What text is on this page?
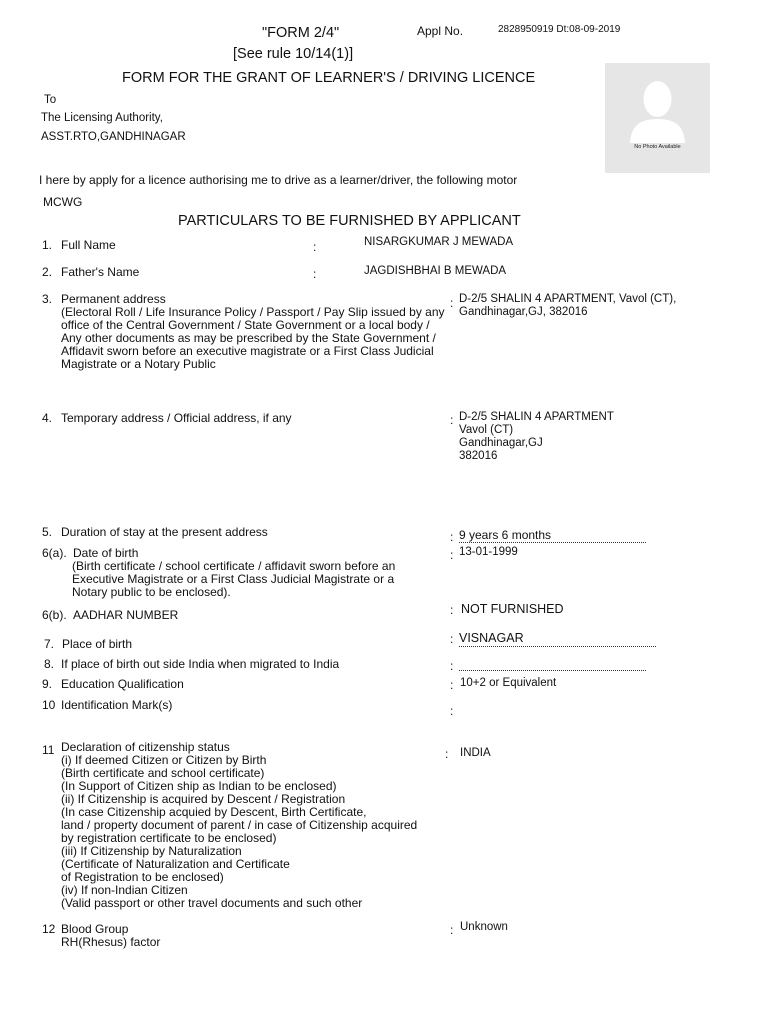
"FORM 2/4"
[See rule 10/14(1)]
Appl No.	2828950919 Dt:08-09-2019
FORM FOR THE GRANT OF LEARNER'S / DRIVING LICENCE
To
The Licensing Authority,
ASST.RTO,GANDHINAGAR
No Photo Available
I here by apply for a licence authorising me to drive as a learner/driver, the following motor
MCWG
PARTICULARS TO BE FURNISHED BY APPLICANT
1. Full Name	:	NISARGKUMAR J MEWADA
2. Father's Name	:	JAGDISHBHAI B MEWADA
3. Permanent address
(Electoral Roll / Life Insurance Policy / Passport / Pay Slip issued by any
office of the Central Government / State Government or a local body /
Any other documents as may be prescribed by the State Government /
Affidavit sworn before an executive magistrate or a First Class Judicial
Magistrate or a Notary Public
: D-2/5 SHALIN 4 APARTMENT, Vavol (CT),
Gandhinagar,GJ, 382016
4. Temporary address / Official address, if any	: D-2/5 SHALIN 4 APARTMENT
Vavol (CT)
Gandhinagar,GJ
382016
5. Duration of stay at the present address	: 9 years 6 months
6(a). Date of birth
(Birth certificate / school certificate / affidavit sworn before an
Executive Magistrate or a First Class Judicial Magistrate or a
Notary public to be enclosed).
: 13-01-1999
6(b). AADHAR NUMBER	: NOT FURNISHED
7. Place of birth	: VISNAGAR
8. If place of birth out side India when migrated to India	:
9. Education Qualification	: 10+2 or Equivalent
10 Identification Mark(s)	:
11 Declaration of citizenship status
(i) If deemed Citizen or Citizen by Birth
(Birth certificate and school certificate)
(In Support of Citizen ship as Indian to be enclosed)
(ii) If Citizenship is acquired by Descent / Registration
(In case Citizenship acquied by Descent, Birth Certificate,
land / property document of parent / in case of Citizenship acquired
by registration certificate to be enclosed)
(iii) If Citizenship by Naturalization
(Certificate of Naturalization and Certificate
of Registration to be enclosed)
(iv) If non-Indian Citizen
(Valid passport or other travel documents and such other
: INDIA
12 Blood Group
RH(Rhesus) factor
: Unknown
